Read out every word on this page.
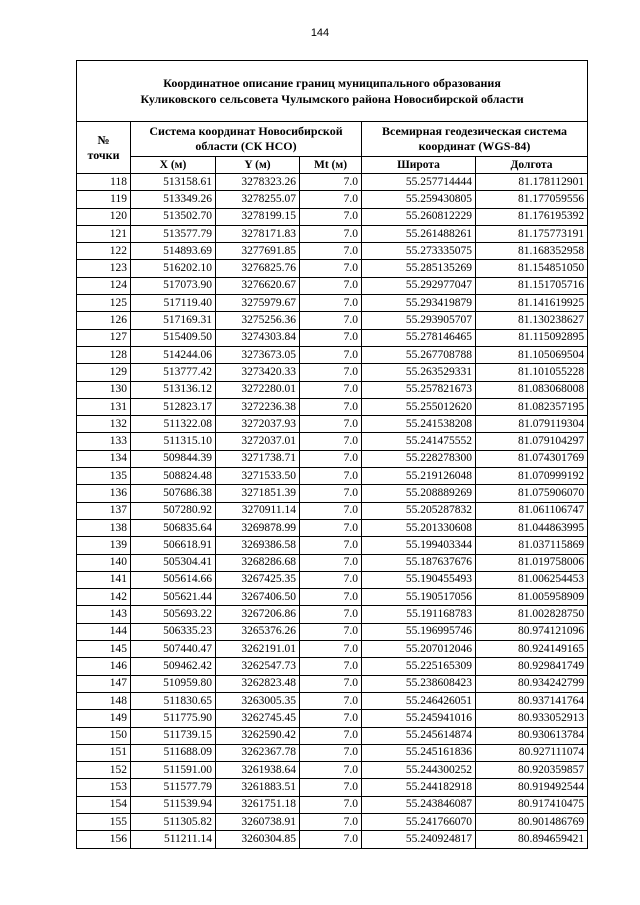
144
Координатное описание границ муниципального образования
Куликовского сельсовета Чулымского района Новосибирской области					

№ точки	Система координат Новосибирской области (СК НСО)			Всемирная геодезическая система координат (WGS-84)	
	X (м)	Y (м)	Mt (м)	Широта	Долгота
118	513158.61	3278323.26	7.0	55.257714444	81.178112901
119	513349.26	3278255.07	7.0	55.259430805	81.177059556
120	513502.70	3278199.15	7.0	55.260812229	81.176195392
121	513577.79	3278171.83	7.0	55.261488261	81.175773191
122	514893.69	3277691.85	7.0	55.273335075	81.168352958
123	516202.10	3276825.76	7.0	55.285135269	81.154851050
124	517073.90	3276620.67	7.0	55.292977047	81.151705716
125	517119.40	3275979.67	7.0	55.293419879	81.141619925
126	517169.31	3275256.36	7.0	55.293905707	81.130238627
127	515409.50	3274303.84	7.0	55.278146465	81.115092895
128	514244.06	3273673.05	7.0	55.267708788	81.105069504
129	513777.42	3273420.33	7.0	55.263529331	81.101055228
130	513136.12	3272280.01	7.0	55.257821673	81.083068008
131	512823.17	3272236.38	7.0	55.255012620	81.082357195
132	511322.08	3272037.93	7.0	55.241538208	81.079119304
133	511315.10	3272037.01	7.0	55.241475552	81.079104297
134	509844.39	3271738.71	7.0	55.228278300	81.074301769
135	508824.48	3271533.50	7.0	55.219126048	81.070999192
136	507686.38	3271851.39	7.0	55.208889269	81.075906070
137	507280.92	3270911.14	7.0	55.205287832	81.061106747
138	506835.64	3269878.99	7.0	55.201330608	81.044863995
139	506618.91	3269386.58	7.0	55.199403344	81.037115869
140	505304.41	3268286.68	7.0	55.187637676	81.019758006
141	505614.66	3267425.35	7.0	55.190455493	81.006254453
142	505621.44	3267406.50	7.0	55.190517056	81.005958909
143	505693.22	3267206.86	7.0	55.191168783	81.002828750
144	506335.23	3265376.26	7.0	55.196995746	80.974121096
145	507440.47	3262191.01	7.0	55.207012046	80.924149165
146	509462.42	3262547.73	7.0	55.225165309	80.929841749
147	510959.80	3262823.48	7.0	55.238608423	80.934242799
148	511830.65	3263005.35	7.0	55.246426051	80.937141764
149	511775.90	3262745.45	7.0	55.245941016	80.933052913
150	511739.15	3262590.42	7.0	55.245614874	80.930613784
151	511688.09	3262367.78	7.0	55.245161836	80.927111074
152	511591.00	3261938.64	7.0	55.244300252	80.920359857
153	511577.79	3261883.51	7.0	55.244182918	80.919492544
154	511539.94	3261751.18	7.0	55.243846087	80.917410475
155	511305.82	3260738.91	7.0	55.241766070	80.901486769
156	511211.14	3260304.85	7.0	55.240924817	80.894659421
